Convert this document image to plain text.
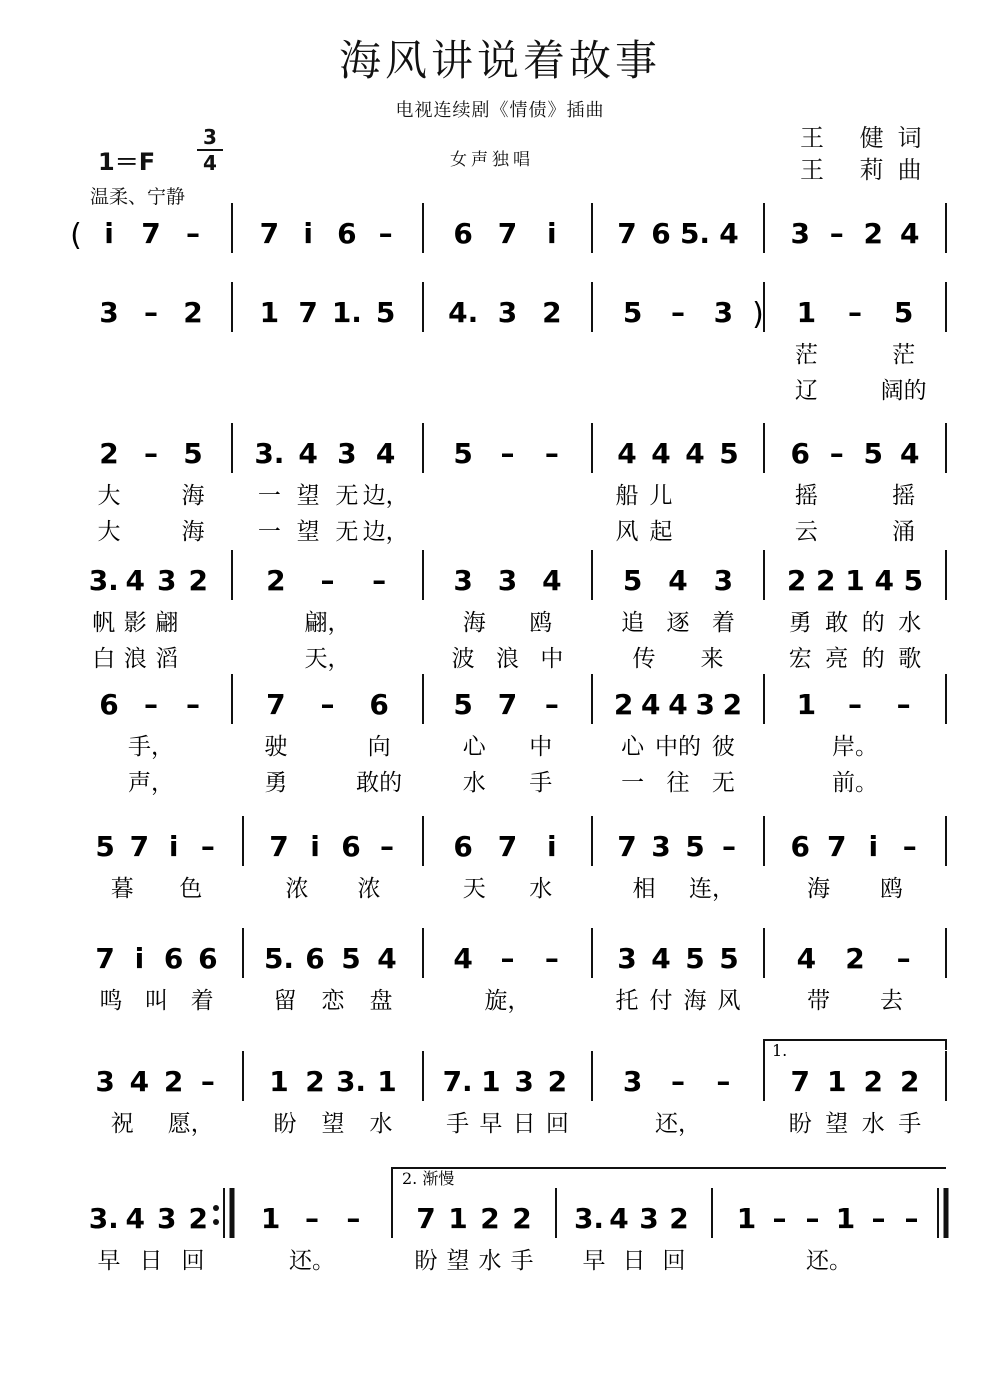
海风讲说着故事
电视连续剧《情债》插曲
1＝F
3
4	女声独唱
王 健词
王 莉曲
温柔、宁静
( i 7 – 7 i 6 – 6 7 i 7 6 5. 4 3 – 2 4
3 – 2 1 7 1. 5 4. 3 2 5 – 3 ) 1 – 5
茫	茫
辽	阔的
2 – 5
大	海
大	海
3. 4 3 4
一 望 无 边，
一 望 无 边，
5 – – 4 4 4 5
船 儿
风 起
6 – 5 4
摇	摇
云	涌
3. 4 3 2
帆 影 翩
白 浪 滔
2 – –
翩，
天，
3 3 4
海 鸥
波 浪 中
5 4 3
追 逐 着
传 来
2 2 1 4 5
勇 敢 的 水
宏 亮 的 歌
6 – –
手，
声，
7 – 6
驶	向
勇	敢的
5 7 –
心 中
水 手
2 4 4 3 2
心 中的 彼
一 往 无
1 – –
岸。
前。
5 7 i –
暮 色
7 i 6 –
浓 浓
6 7 i
天 水
7 3 5 –
相 连，
6 7 i –
海 鸥
7 i 6 6
鸣 叫 着
5. 6 5 4
留 恋 盘
4 – –
旋，
3 4 5 5
托 付 海 风
4 2 –
带 去
3 4 2 –
祝 愿，
1 2 3. 1
盼 望 水
7. 1 3 2
手 早 日 回
3 – –
还，
7 1 2 2
盼 望 水 手
3. 4 3 2
早 日 回
1 – –
还。
7 1 2 2
盼 望 水 手
3. 4 3 2
早 日 回
1 – – 1 – –
还。
1.
2. 渐慢
